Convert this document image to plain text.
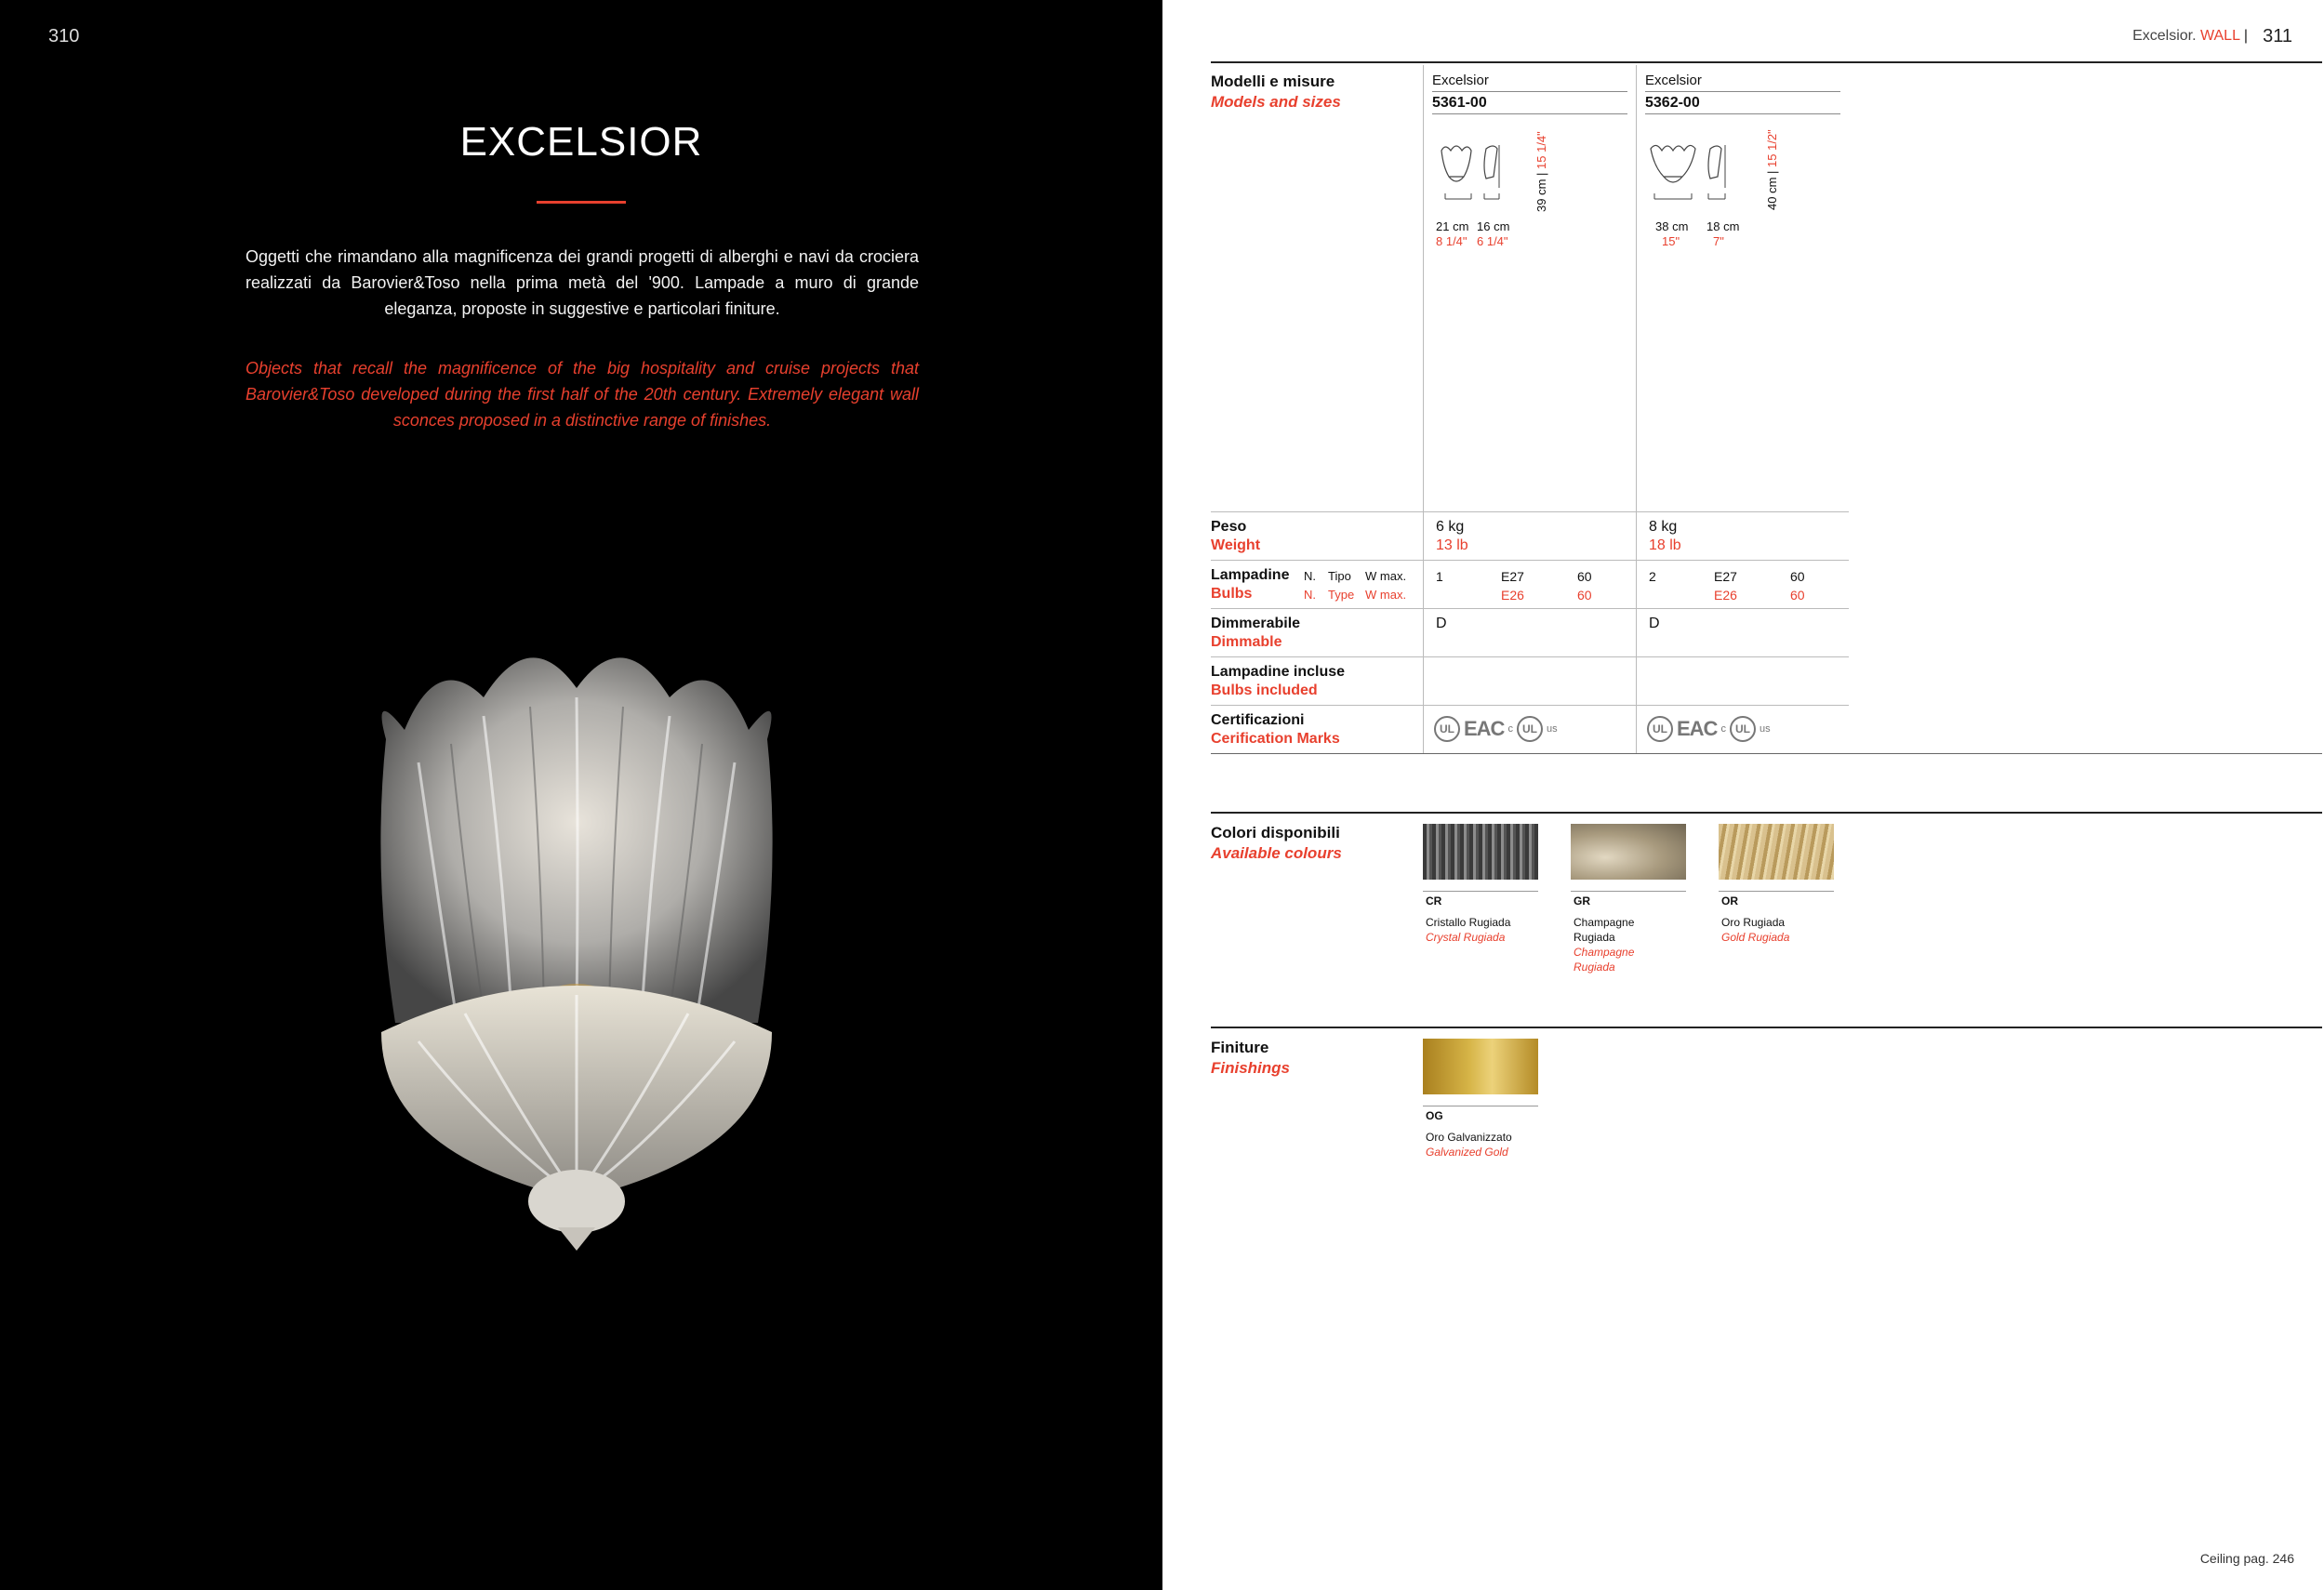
310
EXCELSIOR
Oggetti che rimandano alla magnificenza dei grandi progetti di alberghi e navi da crociera realizzati da Barovier&Toso nella prima metà del '900. Lampade a muro di grande eleganza, proposte in suggestive e particolari finiture.
Objects that recall the magnificence of the big hospitality and cruise projects that Barovier&Toso developed during the first half of the 20th century. Extremely elegant wall sconces proposed in a distinctive range of finishes.
Excelsior. WALL | 311
Modelli e misure
Models and sizes
Excelsior
5361-00
Excelsior
5362-00
39 cm | 15 1/4"
21 cm 16 cm
8 1/4" 6 1/4"
40 cm | 15 1/2"
38 cm 18 cm
15"	7"
Peso
Weight
6 kg
13 lb
8 kg
18 lb
Lampadine
Bulbs
N. Tipo W max.
N. Type W max.
1	E27	60
E26	60
2	E27	60
E26	60
Dimmerabile
Dimmable
D	D
Lampadine incluse
Bulbs included
Certificazioni
Cerification Marks
UL EAC c UL us	UL EAC c UL us
Colori disponibili
Available colours
CR
Cristallo Rugiada
Crystal Rugiada
GR
Champagne Rugiada
Champagne Rugiada
OR
Oro Rugiada
Gold Rugiada
Finiture
Finishings
OG
Oro Galvanizzato
Galvanized Gold
Ceiling pag. 246
